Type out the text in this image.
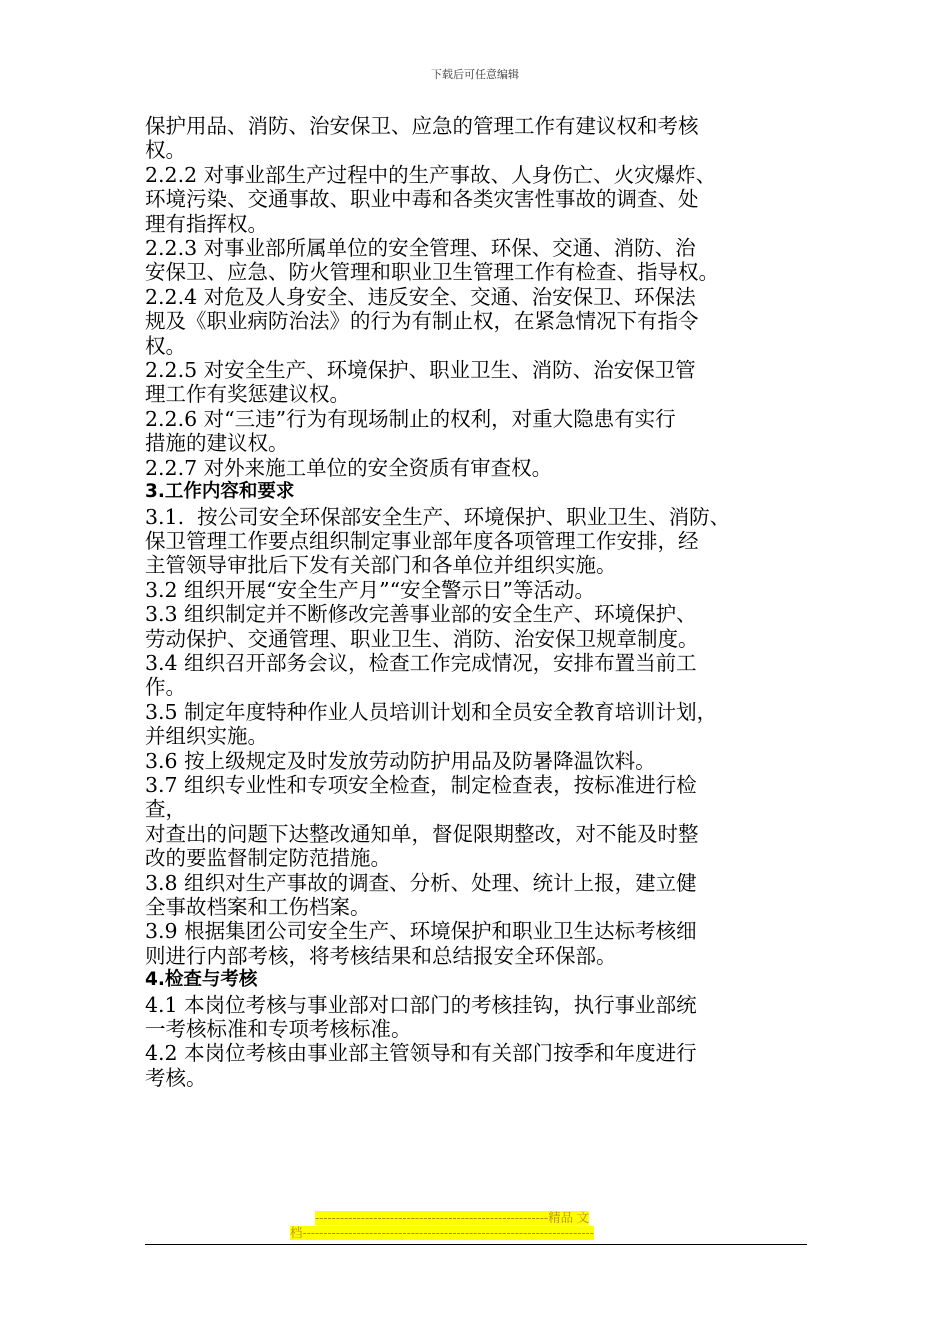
下载后可任意编辑
保护用品、消防、治安保卫、应急的管理工作有建议权和考核
权。
2.2.2 对事业部生产过程中的生产事故、人身伤亡、火灾爆炸、
环境污染、交通事故、职业中毒和各类灾害性事故的调查、处
理有指挥权。
2.2.3 对事业部所属单位的安全管理、环保、交通、消防、治
安保卫、应急、防火管理和职业卫生管理工作有检查、指导权。
2.2.4 对危及人身安全、违反安全、交通、治安保卫、环保法
规及《职业病防治法》的行为有制止权，在紧急情况下有指令
权。
2.2.5 对安全生产、环境保护、职业卫生、消防、治安保卫管
理工作有奖惩建议权。
2.2.6 对“三违”行为有现场制止的权利，对重大隐患有实行
措施的建议权。
2.2.7 对外来施工单位的安全资质有审查权。
3.工作内容和要求
3.1.  按公司安全环保部安全生产、环境保护、职业卫生、消防、
保卫管理工作要点组织制定事业部年度各项管理工作安排，经
主管领导审批后下发有关部门和各单位并组织实施。
3.2 组织开展“安全生产月”“安全警示日”等活动。
3.3 组织制定并不断修改完善事业部的安全生产、环境保护、
劳动保护、交通管理、职业卫生、消防、治安保卫规章制度。
3.4 组织召开部务会议，检查工作完成情况，安排布置当前工
作。
3.5 制定年度特种作业人员培训计划和全员安全教育培训计划，
并组织实施。
3.6 按上级规定及时发放劳动防护用品及防暑降温饮料。
3.7 组织专业性和专项安全检查，制定检查表，按标准进行检
查，
对查出的问题下达整改通知单，督促限期整改，对不能及时整
改的要监督制定防范措施。
3.8 组织对生产事故的调查、分析、处理、统计上报，建立健
全事故档案和工伤档案。
3.9 根据集团公司安全生产、环境保护和职业卫生达标考核细
则进行内部考核，将考核结果和总结报安全环保部。
4.检查与考核
4.1 本岗位考核与事业部对口部门的考核挂钩，执行事业部统
一考核标准和专项考核标准。
4.2 本岗位考核由事业部主管领导和有关部门按季和年度进行
考核。
--------------------------------------------------------精品 文
档----------------------------------------------------------------------
